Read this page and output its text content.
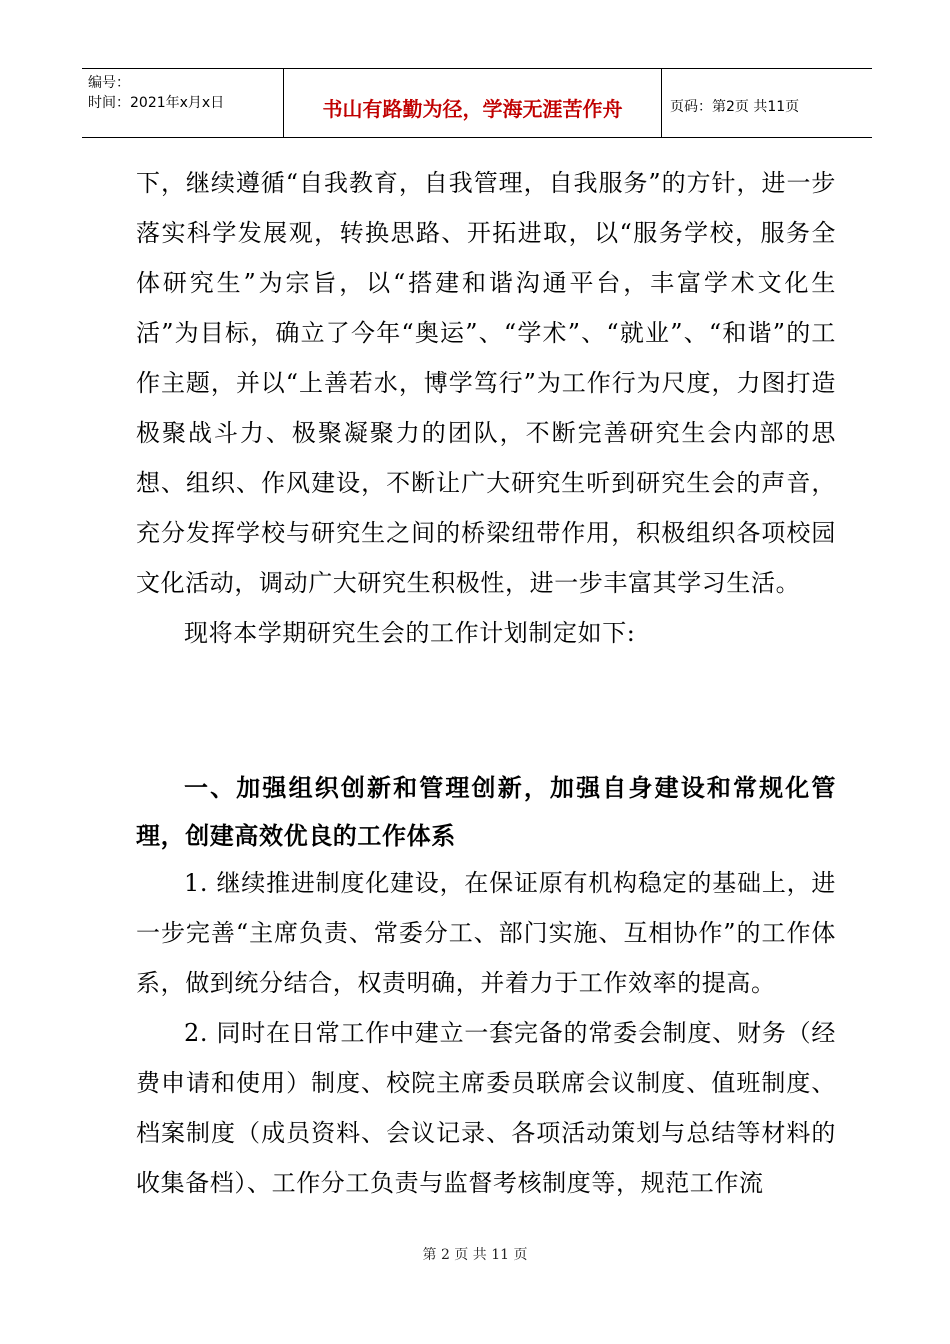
编号：
时间：2021年x月x日	书山有路勤为径，学海无涯苦作舟	页码：第2页 共11页

下，继续遵循“自我教育，自我管理，自我服务”的方针，进一步落实科学发展观，转换思路、开拓进取，以“服务学校，服务全体研究生”为宗旨，以“搭建和谐沟通平台，丰富学术文化生活”为目标，确立了今年“奥运”、“学术”、“就业”、“和谐”的工作主题，并以“上善若水，博学笃行”为工作行为尺度，力图打造极聚战斗力、极聚凝聚力的团队，不断完善研究生会内部的思想、组织、作风建设，不断让广大研究生听到研究生会的声音，充分发挥学校与研究生之间的桥梁纽带作用，积极组织各项校园文化活动，调动广大研究生积极性，进一步丰富其学习生活。

现将本学期研究生会的工作计划制定如下:

一、加强组织创新和管理创新，加强自身建设和常规化管理，创建高效优良的工作体系

1. 继续推进制度化建设，在保证原有机构稳定的基础上，进一步完善“主席负责、常委分工、部门实施、互相协作”的工作体系，做到统分结合，权责明确，并着力于工作效率的提高。

2. 同时在日常工作中建立一套完备的常委会制度、财务（经费申请和使用）制度、校院主席委员联席会议制度、值班制度、档案制度（成员资料、会议记录、各项活动策划与总结等材料的收集备档）、工作分工负责与监督考核制度等，规范工作流

第 2 页 共 11 页
